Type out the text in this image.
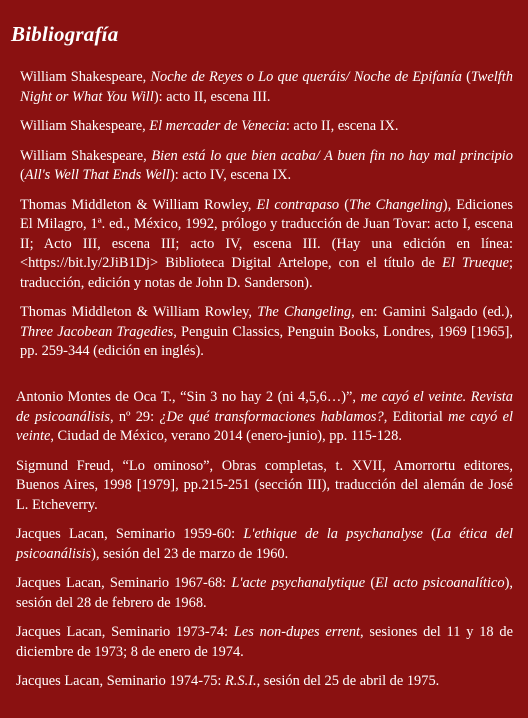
Bibliografía

William Shakespeare, Noche de Reyes o Lo que queráis/ Noche de Epifanía (Twelfth Night or What You Will): acto II, escena III.

William Shakespeare, El mercader de Venecia: acto II, escena IX.

William Shakespeare, Bien está lo que bien acaba/ A buen fin no hay mal principio (All's Well That Ends Well): acto IV, escena IX.

Thomas Middleton & William Rowley, El contrapaso (The Changeling), Ediciones El Milagro, 1ª. ed., México, 1992, prólogo y traducción de Juan Tovar: acto I, escena II; Acto III, escena III; acto IV, escena III. (Hay una edición en línea: <https://bit.ly/2JiB1Dj> Biblioteca Digital Artelope, con el título de El Trueque; traducción, edición y notas de John D. Sanderson).

Thomas Middleton & William Rowley, The Changeling, en: Gamini Salgado (ed.), Three Jacobean Tragedies, Penguin Classics, Penguin Books, Londres, 1969 [1965], pp. 259-344 (edición en inglés).

Antonio Montes de Oca T., “Sin 3 no hay 2 (ni 4,5,6…)”, me cayó el veinte. Revista de psicoanálisis, nº 29: ¿De qué transformaciones hablamos?, Editorial me cayó el veinte, Ciudad de México, verano 2014 (enero-junio), pp. 115-128.

Sigmund Freud, “Lo ominoso”, Obras completas, t. XVII, Amorrortu editores, Buenos Aires, 1998 [1979], pp.215-251 (sección III), traducción del alemán de José L. Etcheverry.

Jacques Lacan, Seminario 1959-60: L'ethique de la psychanalyse (La ética del psicoanálisis), sesión del 23 de marzo de 1960.

Jacques Lacan, Seminario 1967-68: L'acte psychanalytique (El acto psicoanalítico), sesión del 28 de febrero de 1968.

Jacques Lacan, Seminario 1973-74: Les non-dupes errent, sesiones del 11 y 18 de diciembre de 1973; 8 de enero de 1974.

Jacques Lacan, Seminario 1974-75: R.S.I., sesión del 25 de abril de 1975.
